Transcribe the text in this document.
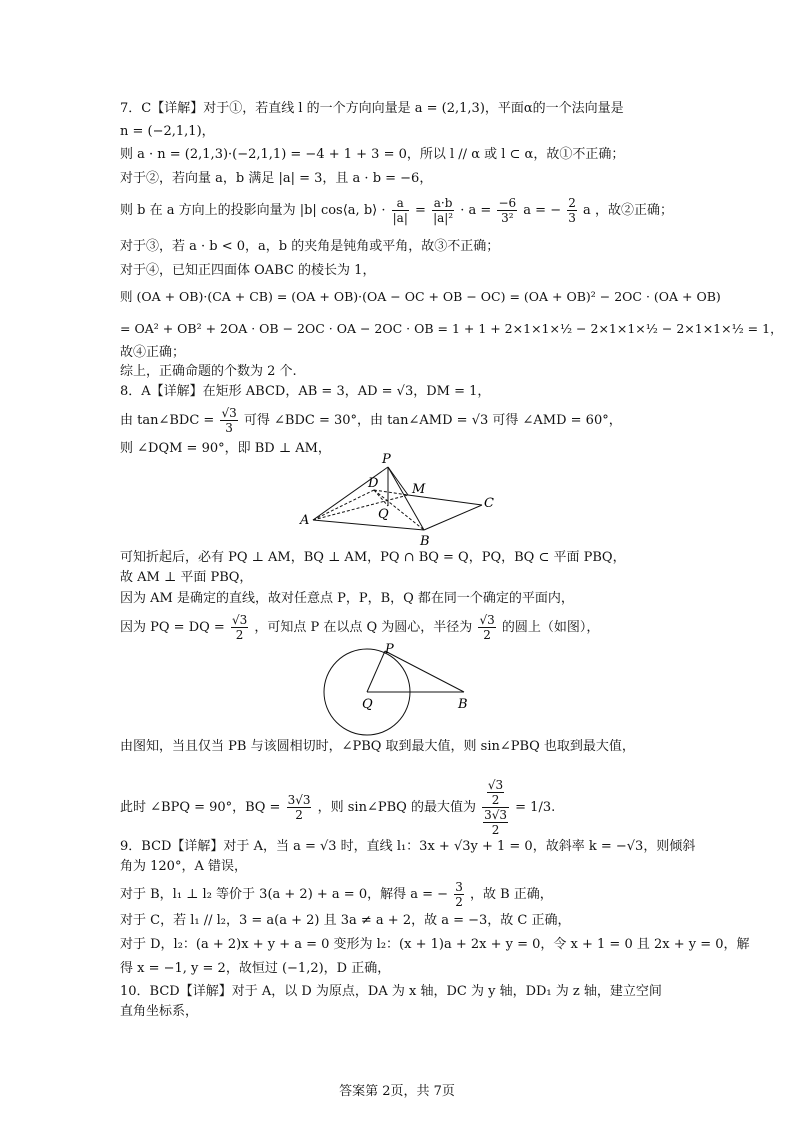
7．C【详解】对于①，若直线 l 的一个方向向量是 a = (2,1,3)，平面α的一个法向量是
n = (−2,1,1)，
则 a · n = (2,1,3)·(−2,1,1) = −4 + 1 + 3 = 0，所以 l // α 或 l ⊂ α，故①不正确；
对于②，若向量 a，b 满足 |a| = 3，且 a · b = −6，
则 b 在 a 方向上的投影向量为 |b| cos⟨a, b⟩ · $\frac{a}{|a|} = \frac{a\cdot b}{\text{|a|²}} \cdot a = \frac{-6}{\text{3²}}$ a = − $\frac{2}{3}$ a ，故②正确；
对于③，若 a · b < 0，a，b 的夹角是钝角或平角，故③不正确；
对于④，已知正四面体 OABC 的棱长为 1，
则 (OA + OB)·(CA + CB) = (OA + OB)·(OA − OC + OB − OC) = (OA + OB)² − 2OC · (OA + OB)
= OA² + OB² + 2OA · OB − 2OC · OA − 2OC · OB = 1 + 1 + 2×1×1×½ − 2×1×1×½ − 2×1×1×½ = 1，
故④正确；
综上，正确命题的个数为 2 个.
8．A【详解】在矩形 ABCD，AB = 3，AD = √3，DM = 1，
由 tan∠BDC = $\frac{√3}{3}$ 可得 ∠BDC = 30°，由 tan∠AMD = √3 可得 ∠AMD = 60°，
则 ∠DQM = 90°，即 BD ⊥ AM，
P
D	M
C
A	Q
B
可知折起后，必有 PQ ⊥ AM，BQ ⊥ AM，PQ ∩ BQ = Q，PQ，BQ ⊂ 平面 PBQ，
故 AM ⊥ 平面 PBQ，
因为 AM 是确定的直线，故对任意点 P，P，B，Q 都在同一个确定的平面内，
因为 PQ = DQ = $\frac{√3}{2}$ ，可知点 P 在以点 Q 为圆心，半径为 $\frac{√3}{2}$ 的圆上（如图），
P
Q	B
由图知，当且仅当 PB 与该圆相切时，∠PBQ 取到最大值，则 sin∠PBQ 也取到最大值，
此时 ∠BPQ = 90°，BQ = $\frac{3√3}{2}$ ，则 sin∠PBQ 的最大值为 $\frac{\frac{√3}{2}}{\frac{3√3}{2}} = 1/3$.
9．BCD【详解】对于 A，当 a = √3 时，直线 l₁：3x + √3y + 1 = 0，故斜率 k = −√3，则倾斜
角为 120°，A 错误，
对于 B，l₁ ⊥ l₂ 等价于 3(a + 2) + a = 0，解得 a = − $\frac{3}{2}$ ，故 B 正确，
对于 C，若 l₁ // l₂，3 = a(a + 2) 且 3a ≠ a + 2，故 a = −3，故 C 正确，
对于 D，l₂：(a + 2)x + y + a = 0 变形为 l₂：(x + 1)a + 2x + y = 0，令 x + 1 = 0 且 2x + y = 0，解
得 x = −1, y = 2，故恒过 (−1,2)，D 正确，
10．BCD【详解】对于 A，以 D 为原点，DA 为 x 轴，DC 为 y 轴，DD₁ 为 z 轴，建立空间
直角坐标系，
答案第 2页，共 7页
